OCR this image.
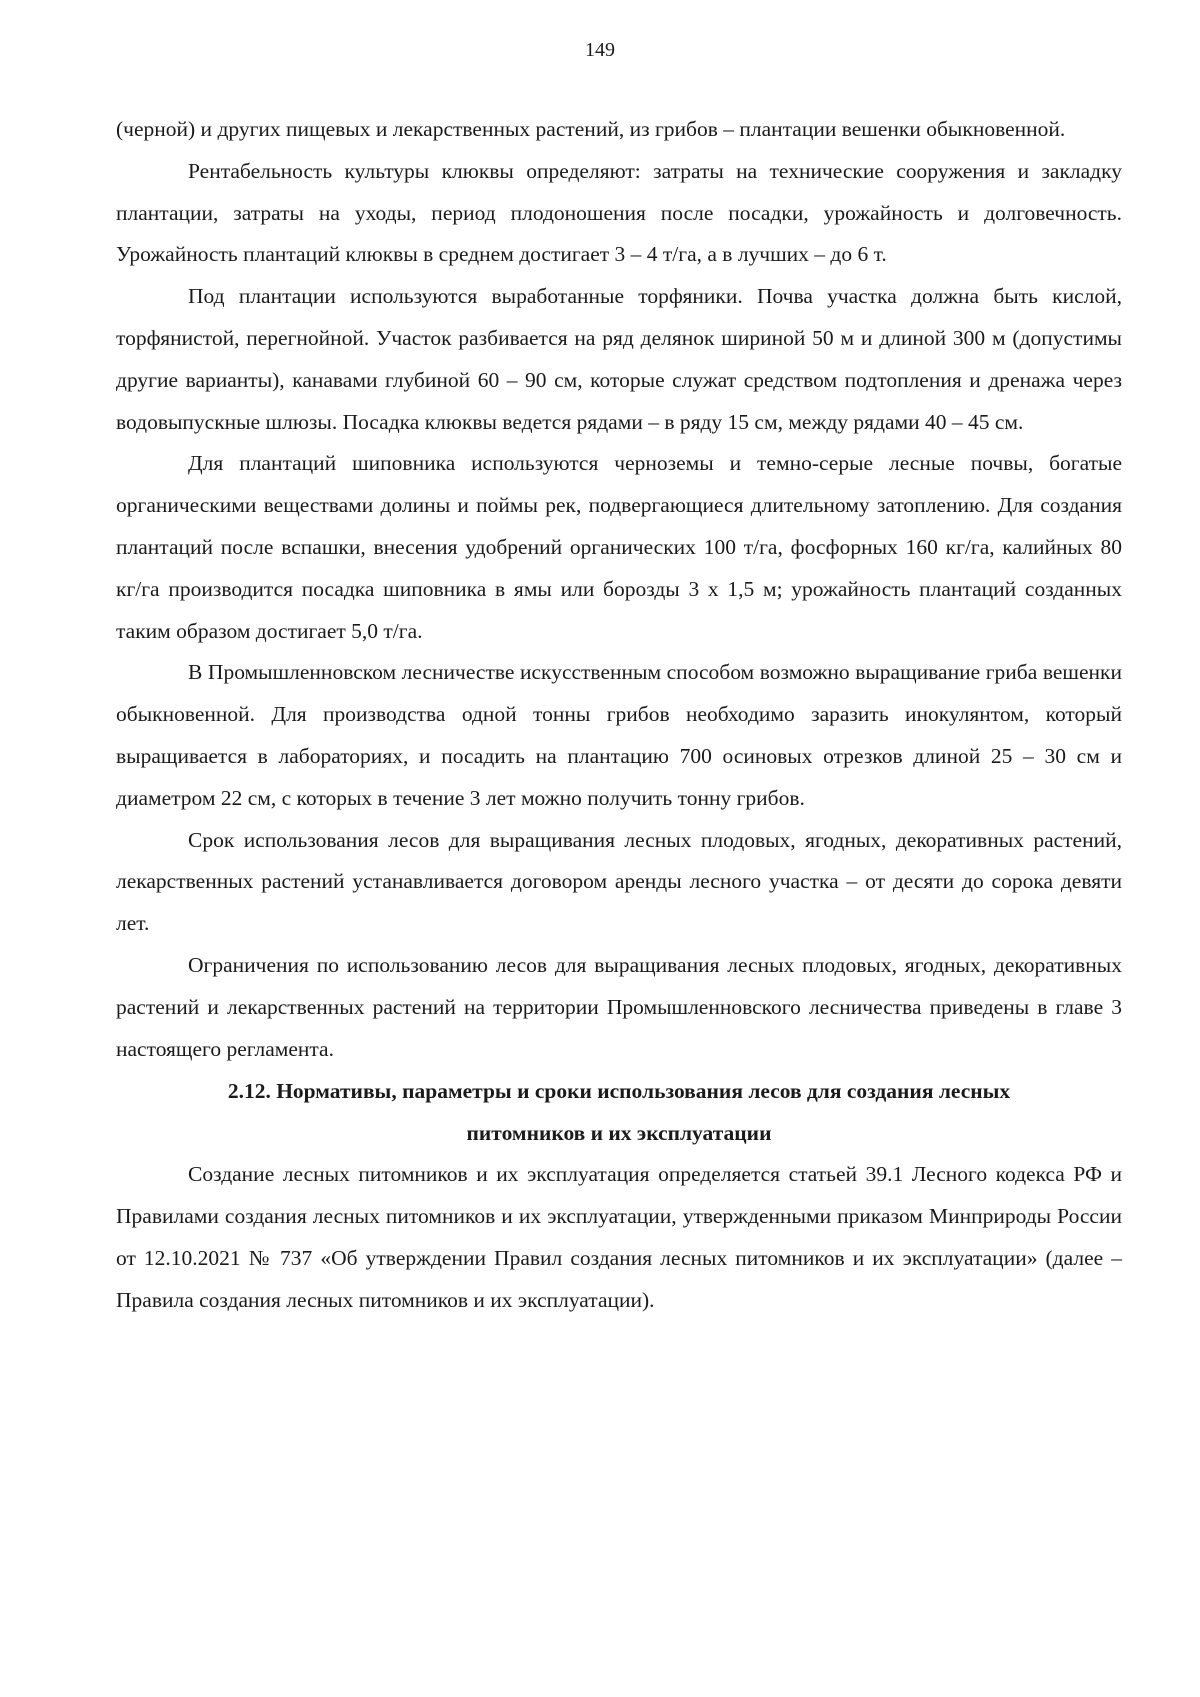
149

(черной) и других пищевых и лекарственных растений, из грибов – плантации вешенки обыкновенной.

Рентабельность культуры клюквы определяют: затраты на технические сооружения и закладку плантации, затраты на уходы, период плодоношения после посадки, урожайность и долговечность. Урожайность плантаций клюквы в среднем достигает 3 – 4 т/га, а в лучших – до 6 т.

Под плантации используются выработанные торфяники. Почва участка должна быть кислой, торфянистой, перегнойной. Участок разбивается на ряд делянок шириной 50 м и длиной 300 м (допустимы другие варианты), канавами глубиной 60 – 90 см, которые служат средством подтопления и дренажа через водовыпускные шлюзы. Посадка клюквы ведется рядами – в ряду 15 см, между рядами 40 – 45 см.

Для плантаций шиповника используются черноземы и темно-серые лесные почвы, богатые органическими веществами долины и поймы рек, подвергающиеся длительному затоплению. Для создания плантаций после вспашки, внесения удобрений органических 100 т/га, фосфорных 160 кг/га, калийных 80 кг/га производится посадка шиповника в ямы или борозды 3 х 1,5 м; урожайность плантаций созданных таким образом достигает 5,0 т/га.

В Промышленновском лесничестве искусственным способом возможно выращивание гриба вешенки обыкновенной. Для производства одной тонны грибов необходимо заразить инокулянтом, который выращивается в лабораториях, и посадить на плантацию 700 осиновых отрезков длиной 25 – 30 см и диаметром 22 см, с которых в течение 3 лет можно получить тонну грибов.

Срок использования лесов для выращивания лесных плодовых, ягодных, декоративных растений, лекарственных растений устанавливается договором аренды лесного участка – от десяти до сорока девяти лет.

Ограничения по использованию лесов для выращивания лесных плодовых, ягодных, декоративных растений и лекарственных растений на территории Промышленновского лесничества приведены в главе 3 настоящего регламента.

2.12. Нормативы, параметры и сроки использования лесов для создания лесных
питомников и их эксплуатации

Создание лесных питомников и их эксплуатация определяется статьей 39.1 Лесного кодекса РФ и Правилами создания лесных питомников и их эксплуатации, утвержденными приказом Минприроды России от 12.10.2021 № 737 «Об утверждении Правил создания лесных питомников и их эксплуатации» (далее – Правила создания лесных питомников и их эксплуатации).
